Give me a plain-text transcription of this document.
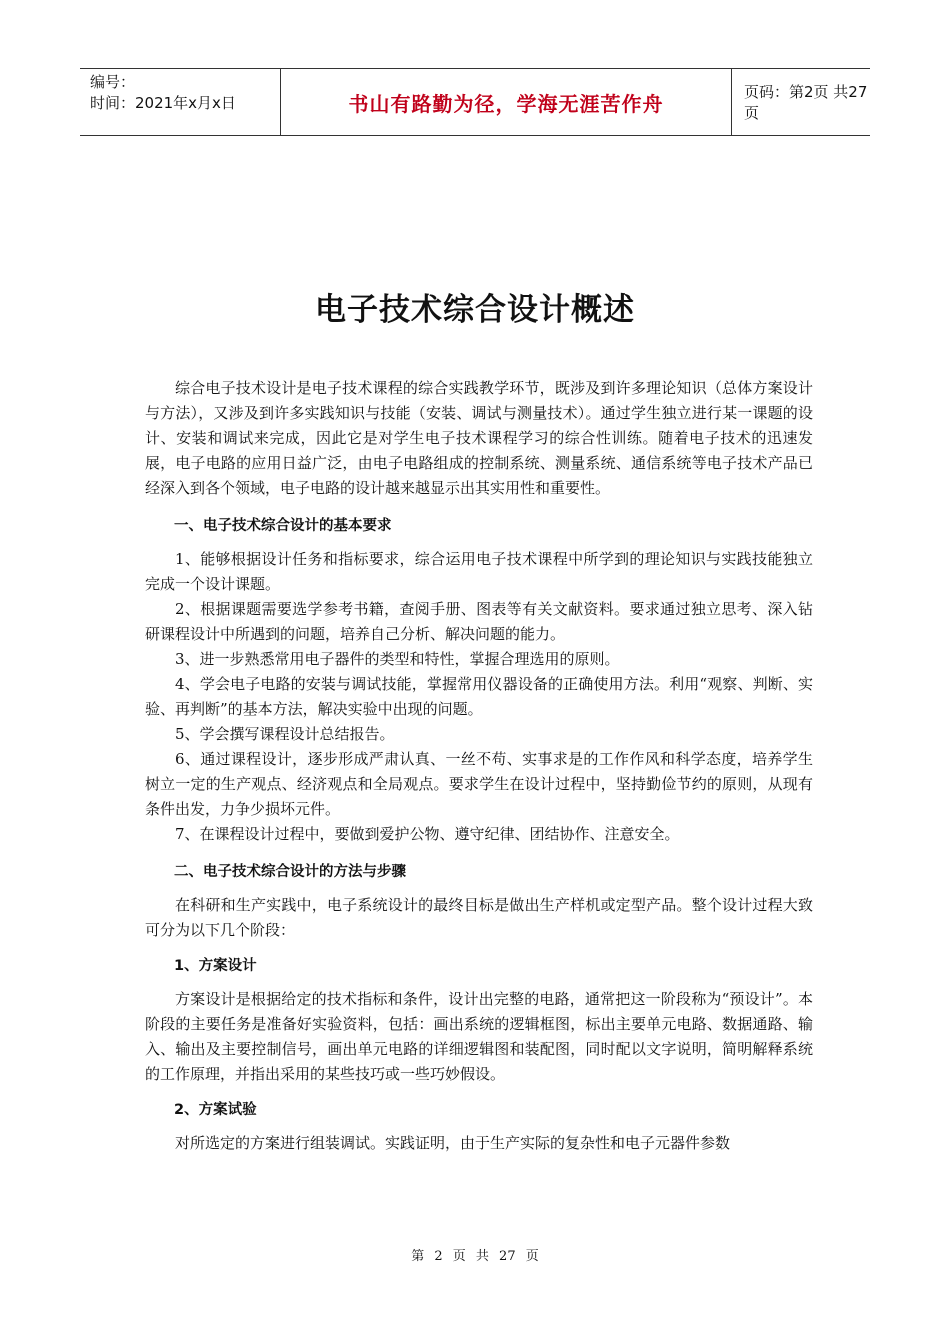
编号：
时间：2021年x月x日	书山有路勤为径，学海无涯苦作舟	页码：第2页 共27页
电子技术综合设计概述

综合电子技术设计是电子技术课程的综合实践教学环节，既涉及到许多理论知识（总体方案设计与方法），又涉及到许多实践知识与技能（安装、调试与测量技术）。通过学生独立进行某一课题的设计、安装和调试来完成，因此它是对学生电子技术课程学习的综合性训练。随着电子技术的迅速发展，电子电路的应用日益广泛，由电子电路组成的控制系统、测量系统、通信系统等电子技术产品已经深入到各个领域，电子电路的设计越来越显示出其实用性和重要性。

一、电子技术综合设计的基本要求

1、能够根据设计任务和指标要求，综合运用电子技术课程中所学到的理论知识与实践技能独立完成一个设计课题。

2、根据课题需要选学参考书籍，查阅手册、图表等有关文献资料。要求通过独立思考、深入钻研课程设计中所遇到的问题，培养自己分析、解决问题的能力。

3、进一步熟悉常用电子器件的类型和特性，掌握合理选用的原则。

4、学会电子电路的安装与调试技能，掌握常用仪器设备的正确使用方法。利用“观察、判断、实验、再判断”的基本方法，解决实验中出现的问题。

5、学会撰写课程设计总结报告。

6、通过课程设计，逐步形成严肃认真、一丝不苟、实事求是的工作作风和科学态度，培养学生树立一定的生产观点、经济观点和全局观点。要求学生在设计过程中，坚持勤俭节约的原则，从现有条件出发，力争少损坏元件。

7、在课程设计过程中，要做到爱护公物、遵守纪律、团结协作、注意安全。

二、电子技术综合设计的方法与步骤

在科研和生产实践中，电子系统设计的最终目标是做出生产样机或定型产品。整个设计过程大致可分为以下几个阶段：

1、方案设计

方案设计是根据给定的技术指标和条件，设计出完整的电路，通常把这一阶段称为“预设计”。本阶段的主要任务是准备好实验资料，包括：画出系统的逻辑框图，标出主要单元电路、数据通路、输入、输出及主要控制信号，画出单元电路的详细逻辑图和装配图，同时配以文字说明，简明解释系统的工作原理，并指出采用的某些技巧或一些巧妙假设。

2、方案试验

对所选定的方案进行组装调试。实践证明，由于生产实际的复杂性和电子元器件参数

第 2 页 共 27 页
